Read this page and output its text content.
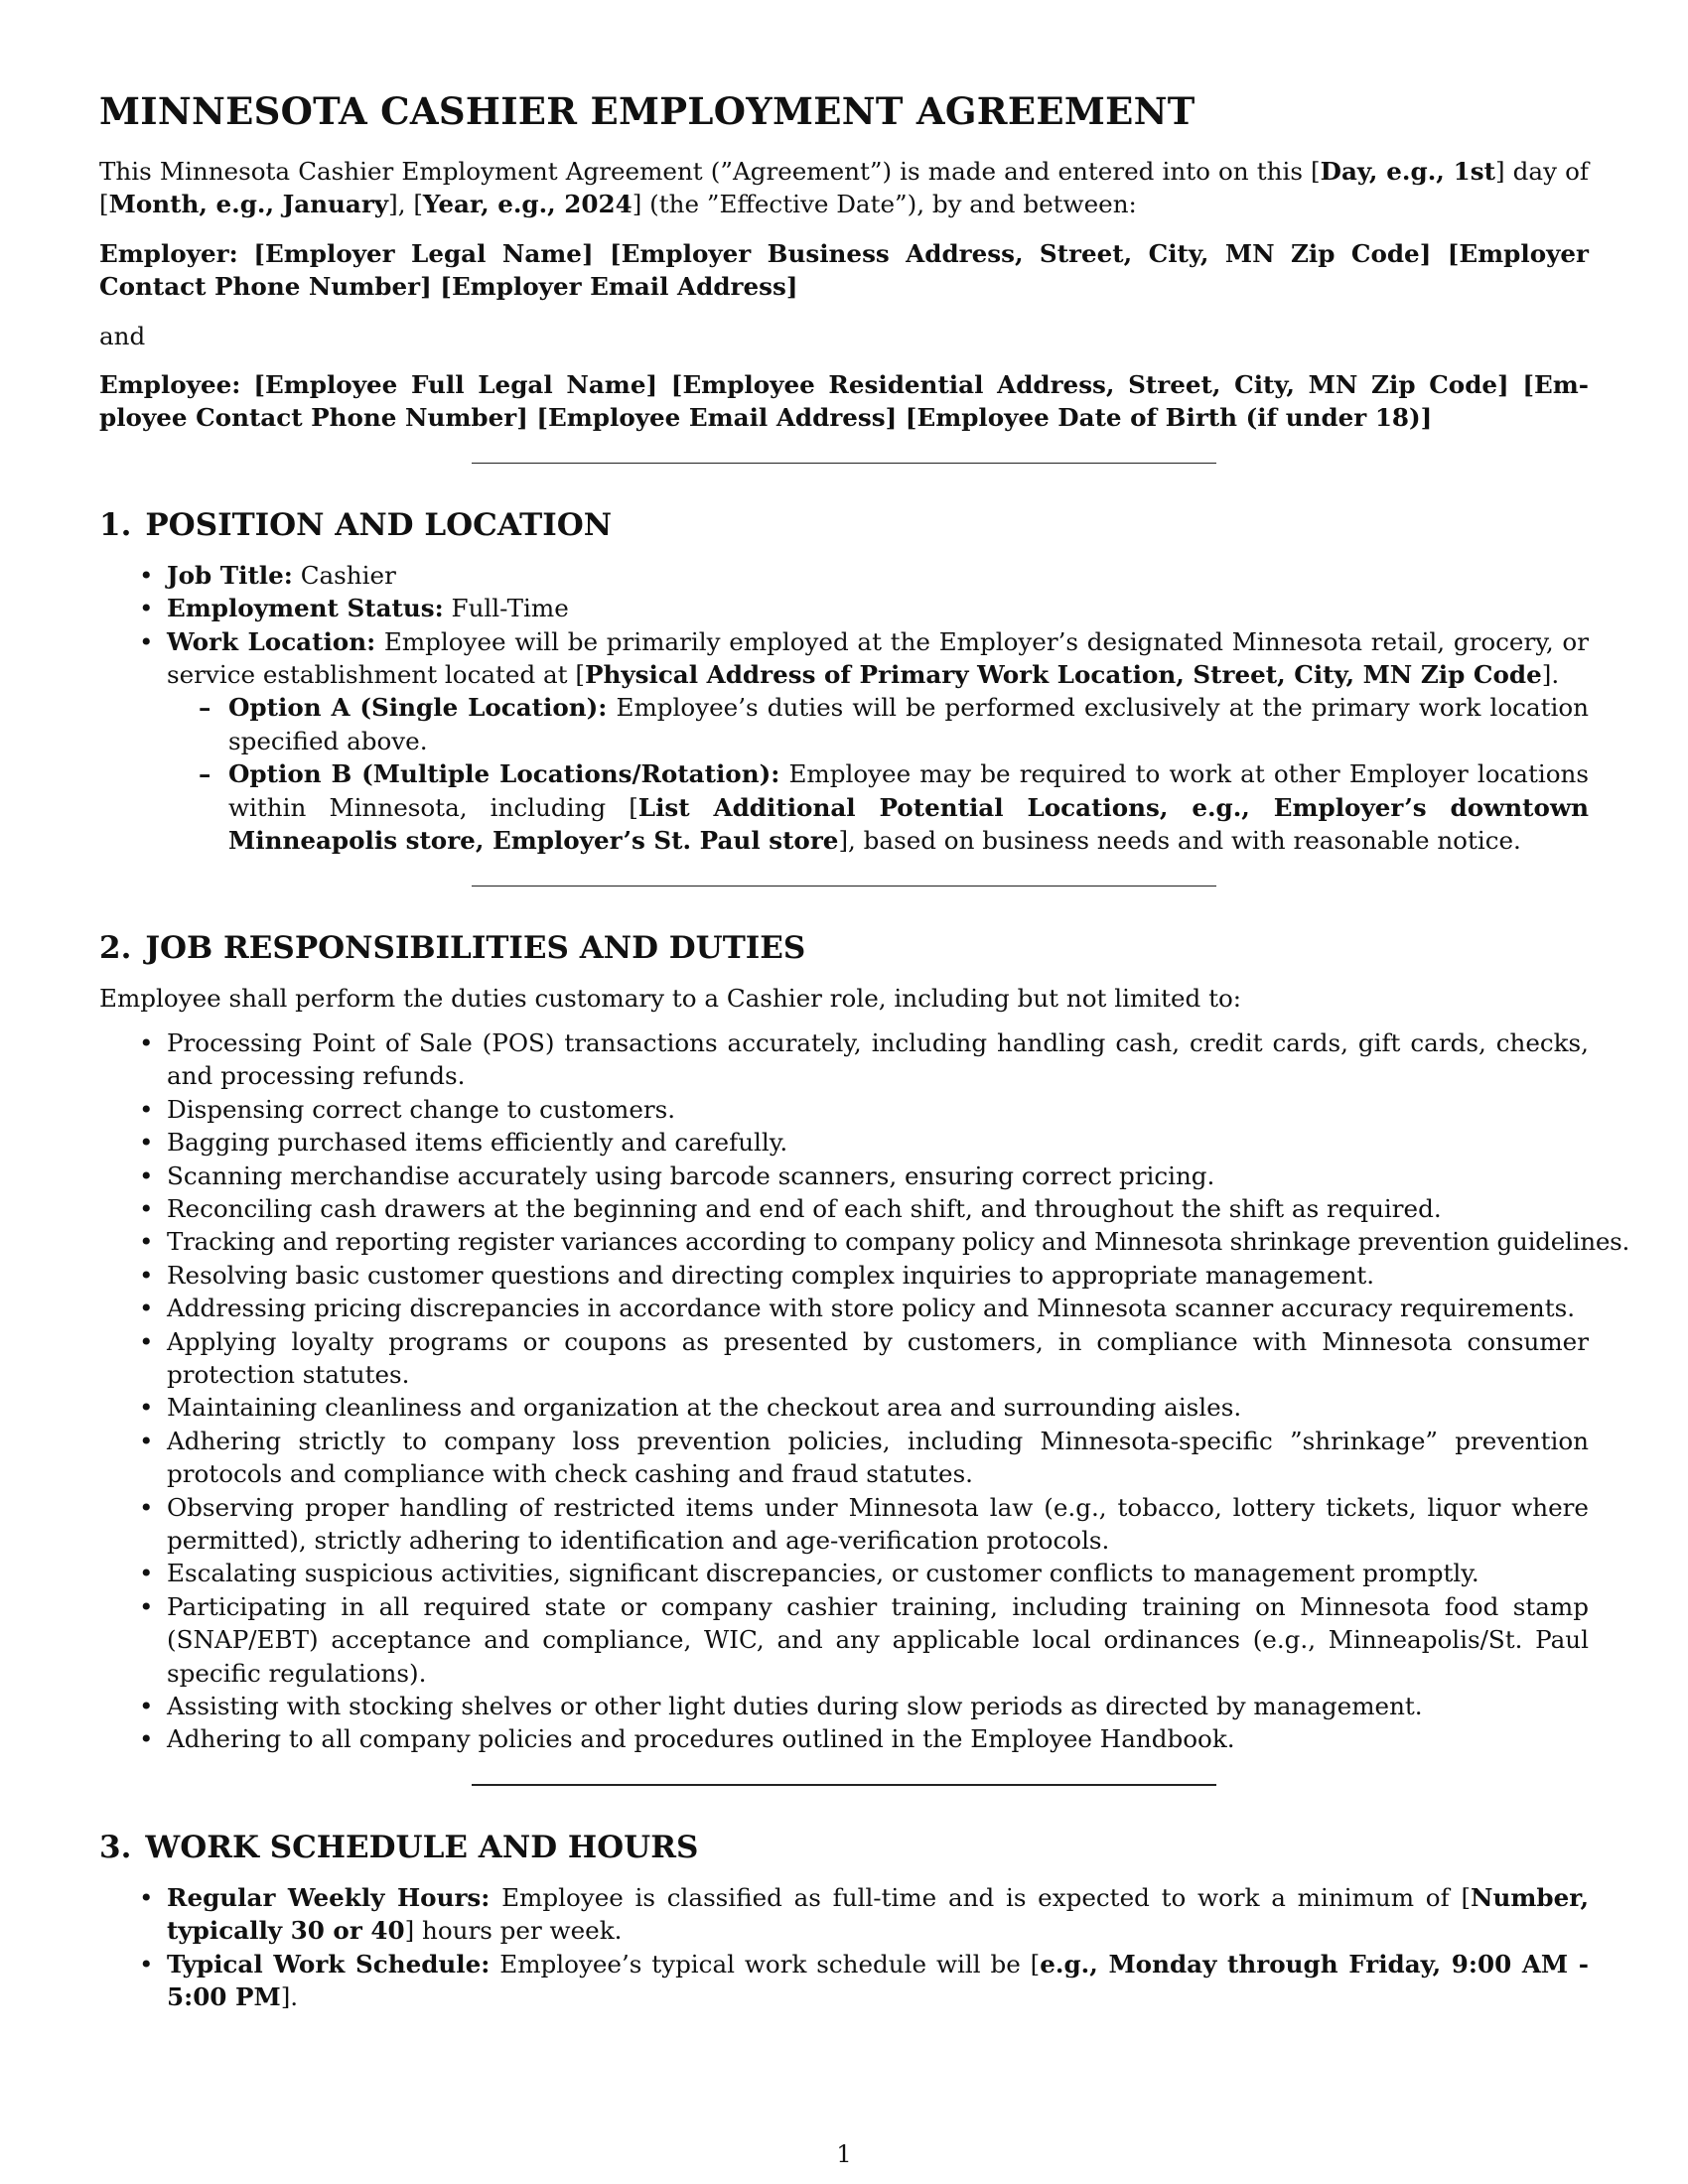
MINNESOTA CASHIER EMPLOYMENT AGREEMENT

This Minnesota Cashier Employment Agreement (”Agreement”) is made and entered into on this [Day, e.g., 1st] day of [Month, e.g., January], [Year, e.g., 2024] (the ”Effective Date”), by and between:

Employer: [Employer Legal Name] [Employer Business Address, Street, City, MN Zip Code] [Employer Contact Phone Number] [Employer Email Address]

and

Employee: [Employee Full Legal Name] [Employee Residential Address, Street, City, MN Zip Code] [Employee Contact Phone Number] [Employee Email Address] [Employee Date of Birth (if under 18)]

1. POSITION AND LOCATION
• Job Title: Cashier
• Employment Status: Full-Time
• Work Location: Employee will be primarily employed at the Employer’s designated Minnesota retail, grocery, or service establishment located at [Physical Address of Primary Work Location, Street, City, MN Zip Code].
– Option A (Single Location): Employee’s duties will be performed exclusively at the primary work location specified above.
– Option B (Multiple Locations/Rotation): Employee may be required to work at other Employer locations within Minnesota, including [List Additional Potential Locations, e.g., Employer’s downtown Minneapolis store, Employer’s St. Paul store], based on business needs and with reasonable notice.
2. JOB RESPONSIBILITIES AND DUTIES

Employee shall perform the duties customary to a Cashier role, including but not limited to:

• Processing Point of Sale (POS) transactions accurately, including handling cash, credit cards, gift cards, checks, and processing refunds.
• Dispensing correct change to customers.
• Bagging purchased items efficiently and carefully.
• Scanning merchandise accurately using barcode scanners, ensuring correct pricing.
• Reconciling cash drawers at the beginning and end of each shift, and throughout the shift as required.
• Tracking and reporting register variances according to company policy and Minnesota shrinkage prevention guidelines.
• Resolving basic customer questions and directing complex inquiries to appropriate management.
• Addressing pricing discrepancies in accordance with store policy and Minnesota scanner accuracy requirements.
• Applying loyalty programs or coupons as presented by customers, in compliance with Minnesota consumer protection statutes.
• Maintaining cleanliness and organization at the checkout area and surrounding aisles.
• Adhering strictly to company loss prevention policies, including Minnesota-specific ”shrinkage” prevention protocols and compliance with check cashing and fraud statutes.
• Observing proper handling of restricted items under Minnesota law (e.g., tobacco, lottery tickets, liquor where permitted), strictly adhering to identification and age-verification protocols.
• Escalating suspicious activities, significant discrepancies, or customer conflicts to management promptly.
• Participating in all required state or company cashier training, including training on Minnesota food stamp (SNAP/EBT) acceptance and compliance, WIC, and any applicable local ordinances (e.g., Minneapolis/St. Paul specific regulations).
• Assisting with stocking shelves or other light duties during slow periods as directed by management.
• Adhering to all company policies and procedures outlined in the Employee Handbook.
3. WORK SCHEDULE AND HOURS
• Regular Weekly Hours: Employee is classified as full-time and is expected to work a minimum of [Number, typically 30 or 40] hours per week.
• Typical Work Schedule: Employee’s typical work schedule will be [e.g., Monday through Friday, 9:00 AM - 5:00 PM].
1
